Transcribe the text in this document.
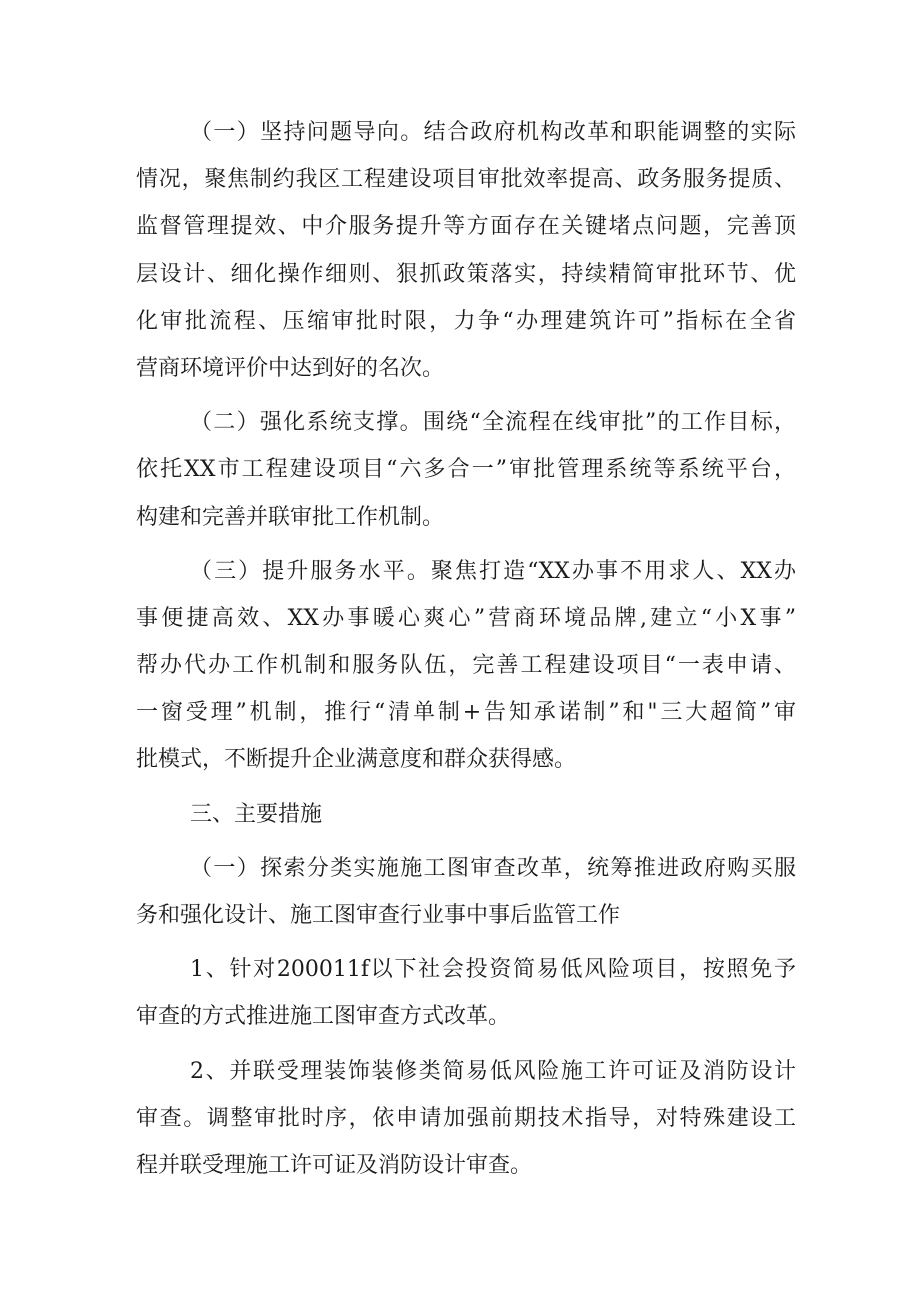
（一）坚持问题导向。结合政府机构改革和职能调整的实际
情况，聚焦制约我区工程建设项目审批效率提高、政务服务提质、
监督管理提效、中介服务提升等方面存在关键堵点问题，完善顶
层设计、细化操作细则、狠抓政策落实，持续精简审批环节、优
化审批流程、压缩审批时限，力争“办理建筑许可”指标在全省
营商环境评价中达到好的名次。
（二）强化系统支撑。围绕“全流程在线审批”的工作目标，
依托XX市工程建设项目“六多合一”审批管理系统等系统平台，
构建和完善并联审批工作机制。
（三）提升服务水平。聚焦打造“XX办事不用求人、XX办
事便捷高效、XX办事暖心爽心”营商环境品牌,建立“小X事”
帮办代办工作机制和服务队伍，完善工程建设项目“一表申请、
一窗受理”机制，推行“清单制+告知承诺制”和"三大超简”审
批模式，不断提升企业满意度和群众获得感。
三、主要措施
（一）探索分类实施施工图审查改革，统筹推进政府购买服
务和强化设计、施工图审查行业事中事后监管工作
1、针对200011f以下社会投资简易低风险项目，按照免予
审查的方式推进施工图审查方式改革。
2、并联受理装饰装修类简易低风险施工许可证及消防设计
审查。调整审批时序，依申请加强前期技术指导，对特殊建设工
程并联受理施工许可证及消防设计审查。
